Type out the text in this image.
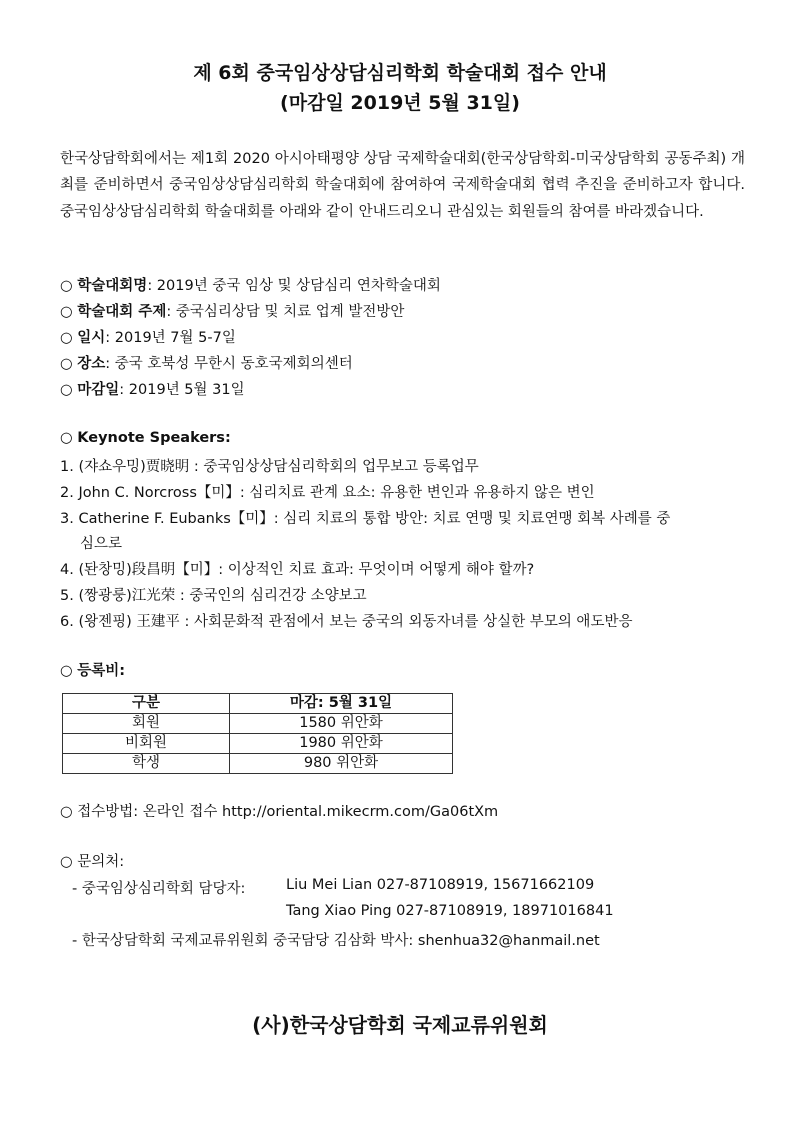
제 6회 중국임상상담심리학회 학술대회 접수 안내
(마감일 2019년 5월 31일)
한국상담학회에서는 제1회 2020 아시아태평양 상담 국제학술대회(한국상담학회-미국상담학회 공동주최) 개최를 준비하면서 중국임상상담심리학회 학술대회에 참여하여 국제학술대회 협력 추진을 준비하고자 합니다. 중국임상상담심리학회 학술대회를 아래와 같이 안내드리오니 관심있는 회원들의 참여를 바라겠습니다.
○ 학술대회명: 2019년 중국 임상 및 상담심리 연차학술대회
○ 학술대회 주제: 중국심리상담 및 치료 업계 발전방안
○ 일시: 2019년 7월 5-7일
○ 장소: 중국 호북성 무한시 동호국제회의센터
○ 마감일: 2019년 5월 31일
○ Keynote Speakers:
1. (쟈쇼우밍)贾晓明 : 중국임상상담심리학회의 업무보고 등록업무
2. John C. Norcross【미】: 심리치료 관계 요소: 유용한 변인과 유용하지 않은 변인
3. Catherine F. Eubanks【미】: 심리 치료의 통합 방안: 치료 연맹 및 치료연맹 회복 사례를 중
심으로
4. (돤창밍)段昌明【미】: 이상적인 치료 효과: 무엇이며 어떻게 해야 할까?
5. (짱광룽)江光荣 : 중국인의 심리건강 소양보고
6. (왕젠핑) 王建平 : 사회문화적 관점에서 보는 중국의 외동자녀를 상실한 부모의 애도반응
○ 등록비:
구분	마감: 5월 31일
회원	1580 위안화
비회원	1980 위안화
학생	980 위안화
○ 접수방법: 온라인 접수 http://oriental.mikecrm.com/Ga06tXm
○ 문의처:
- 중국임상심리학회 담당자:	Liu Mei Lian 027-87108919, 15671662109
Tang Xiao Ping 027-87108919, 18971016841
- 한국상담학회 국제교류위원회 중국담당 김삼화 박사: shenhua32@hanmail.net
(사)한국상담학회 국제교류위원회
